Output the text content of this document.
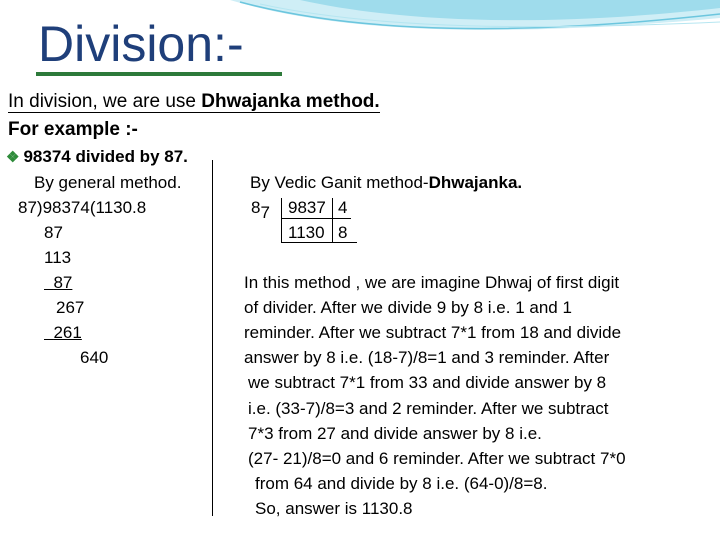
Division:-
In division, we are use Dhwajanka method.
For example :-
❖ 98374 divided by 87.
By general method.
87)98374(1130.8
87
113
87
267
261
640
By Vedic Ganit method-Dhwajanka.
87 9837 4
1130 8
In this method , we are imagine Dhwaj of first digit
of divider. After we divide 9 by 8 i.e. 1 and 1
reminder. After we subtract 7*1 from 18 and divide
answer by 8 i.e. (18-7)/8=1 and 3 reminder. After
we subtract 7*1 from 33 and divide answer by 8
i.e. (33-7)/8=3 and 2 reminder. After we subtract
7*3 from 27 and divide answer by 8 i.e.
(27- 21)/8=0 and 6 reminder. After we subtract 7*0
from 64 and divide by 8 i.e. (64-0)/8=8.
So, answer is 1130.8
